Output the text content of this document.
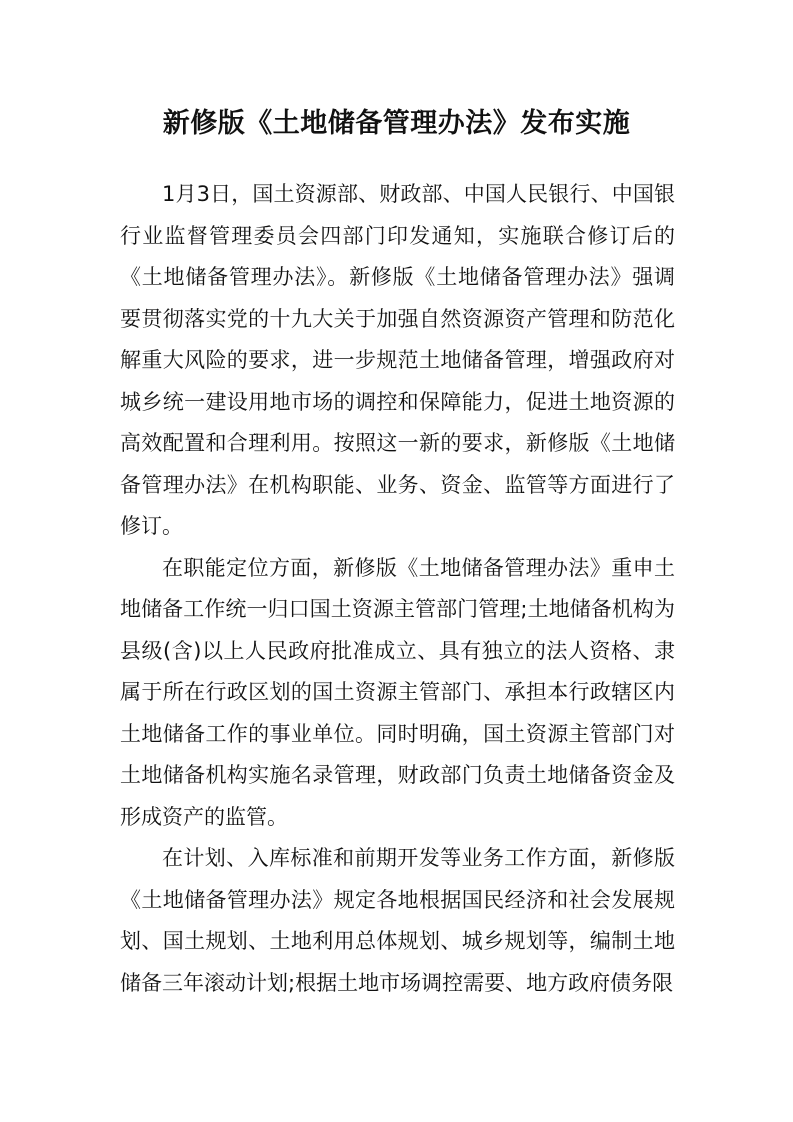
新修版《土地储备管理办法》发布实施

1月3日，国土资源部、财政部、中国人民银行、中国银行业监督管理委员会四部门印发通知，实施联合修订后的《土地储备管理办法》。新修版《土地储备管理办法》强调要贯彻落实党的十九大关于加强自然资源资产管理和防范化解重大风险的要求，进一步规范土地储备管理，增强政府对城乡统一建设用地市场的调控和保障能力，促进土地资源的高效配置和合理利用。按照这一新的要求，新修版《土地储备管理办法》在机构职能、业务、资金、监管等方面进行了修订。

在职能定位方面，新修版《土地储备管理办法》重申土地储备工作统一归口国土资源主管部门管理;土地储备机构为县级(含)以上人民政府批准成立、具有独立的法人资格、隶属于所在行政区划的国土资源主管部门、承担本行政辖区内土地储备工作的事业单位。同时明确，国土资源主管部门对土地储备机构实施名录管理，财政部门负责土地储备资金及形成资产的监管。

在计划、入库标准和前期开发等业务工作方面，新修版《土地储备管理办法》规定各地根据国民经济和社会发展规划、国土规划、土地利用总体规划、城乡规划等，编制土地储备三年滚动计划;根据土地市场调控需要、地方政府债务限
